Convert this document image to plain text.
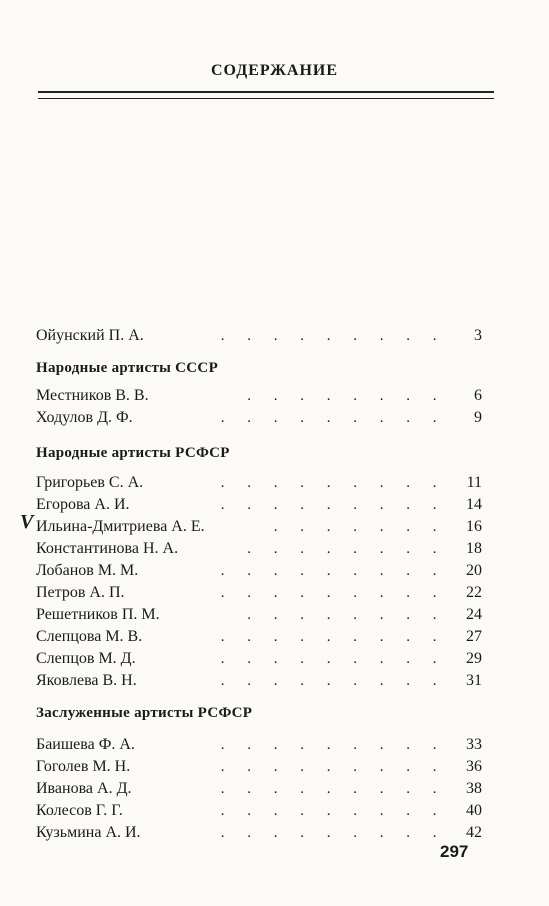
СОДЕРЖАНИЕ
Ойунский П. А.	. . . . . . . . . 3
Народные артисты СССР
Местников В. В.	. . . . . . . . 6
Ходулов Д. Ф.	. . . . . . . . . 9
Народные артисты РСФСР
Григорьев С. А.	. . . . . . . . . 11
Егорова А. И.	. . . . . . . . . 14
Ильина-Дмитриева А. Е.	. . . . . . . 16
Константинова Н. А.	. . . . . . . . 18
Лобанов М. М.	. . . . . . . . . 20
Петров А. П.	. . . . . . . . . 22
Решетников П. М.	. . . . . . . . 24
Слепцова М. В.	. . . . . . . . . 27
Слепцов М. Д.	. . . . . . . . . 29
Яковлева В. Н.	. . . . . . . . . 31
Заслуженные артисты РСФСР
Баишева Ф. А.	. . . . . . . . . 33
Гоголев М. Н.	. . . . . . . . . 36
Иванова А. Д.	. . . . . . . . . 38
Колесов Г. Г.	. . . . . . . . . 40
Кузьмина А. И.	. . . . . . . . . 42
V
297
